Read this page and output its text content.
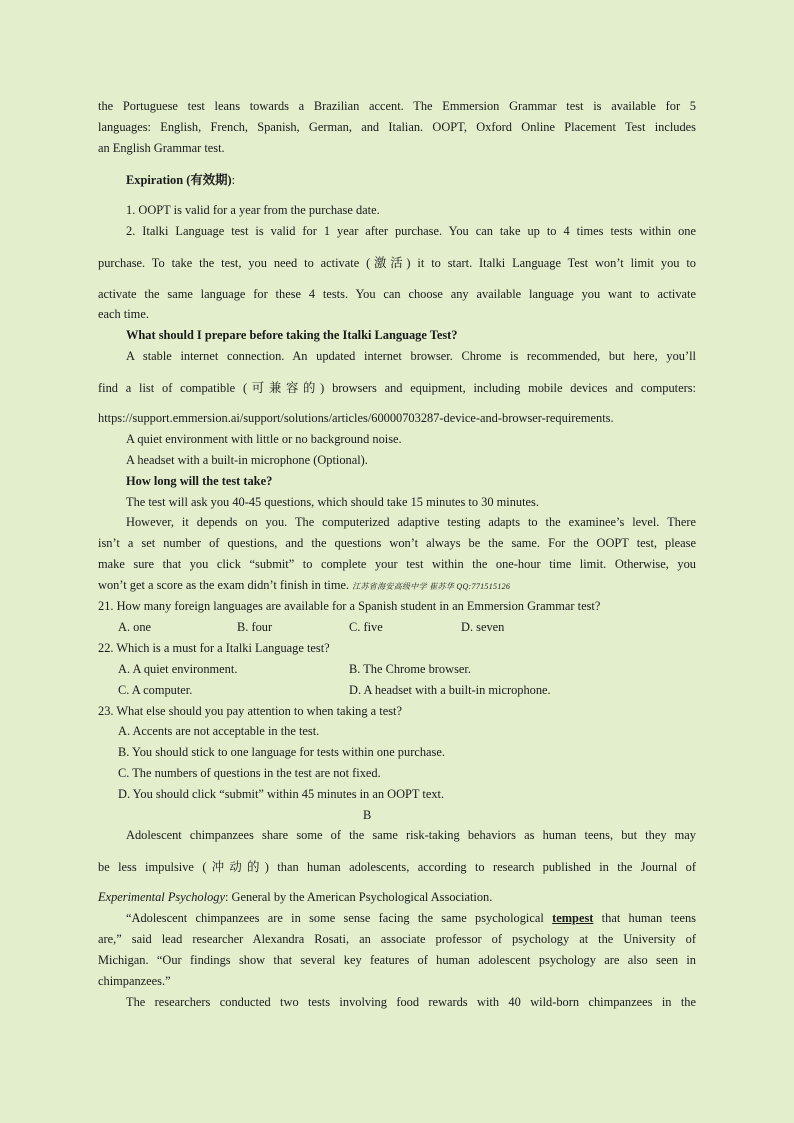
the Portuguese test leans towards a Brazilian accent. The Emmersion Grammar test is available for 5
languages: English, French, Spanish, German, and Italian. OOPT, Oxford Online Placement Test includes
an English Grammar test.
Expiration (有效期):
1. OOPT is valid for a year from the purchase date.
2. Italki Language test is valid for 1 year after purchase. You can take up to 4 times tests within one
purchase. To take the test, you need to activate (激活) it to start. Italki Language Test won’t limit you to
activate the same language for these 4 tests. You can choose any available language you want to activate
each time.
What should I prepare before taking the Italki Language Test?
A stable internet connection. An updated internet browser. Chrome is recommended, but here, you’ll
find a list of compatible (可兼容的) browsers and equipment, including mobile devices and computers:
https://support.emmersion.ai/support/solutions/articles/60000703287-device-and-browser-requirements.
A quiet environment with little or no background noise.
A headset with a built-in microphone (Optional).
How long will the test take?
The test will ask you 40-45 questions, which should take 15 minutes to 30 minutes.
However, it depends on you. The computerized adaptive testing adapts to the examinee’s level. There
isn’t a set number of questions, and the questions won’t always be the same. For the OOPT test, please
make sure that you click “submit” to complete your test within the one-hour time limit. Otherwise, you
won’t get a score as the exam didn’t finish in time. 江苏省海安高级中学 崔苏华 QQ:771515126
21. How many foreign languages are available for a Spanish student in an Emmersion Grammar test?
A. one	B. four	C. five	D. seven
22. Which is a must for a Italki Language test?
A. A quiet environment.	B. The Chrome browser.
C. A computer.	D. A headset with a built-in microphone.
23. What else should you pay attention to when taking a test?
A. Accents are not acceptable in the test.
B. You should stick to one language for tests within one purchase.
C. The numbers of questions in the test are not fixed.
D. You should click “submit” within 45 minutes in an OOPT text.
B
Adolescent chimpanzees share some of the same risk-taking behaviors as human teens, but they may
be less impulsive (冲动的) than human adolescents, according to research published in the Journal of
Experimental Psychology: General by the American Psychological Association.
“Adolescent chimpanzees are in some sense facing the same psychological tempest that human teens
are,” said lead researcher Alexandra Rosati, an associate professor of psychology at the University of
Michigan. “Our findings show that several key features of human adolescent psychology are also seen in
chimpanzees.”
The researchers conducted two tests involving food rewards with 40 wild-born chimpanzees in the
